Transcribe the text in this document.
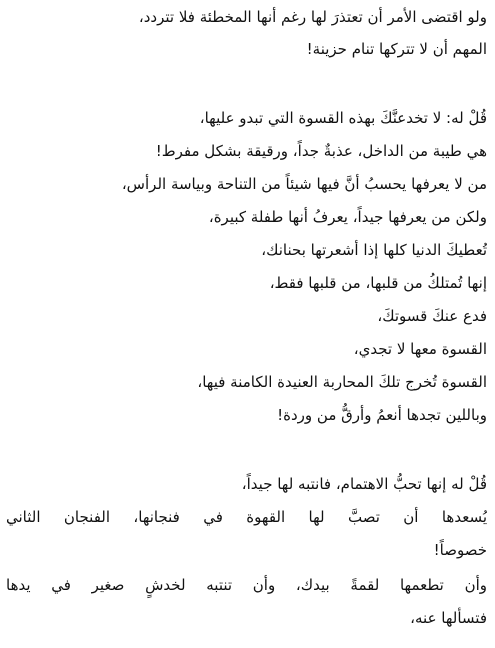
ولو اقتضى الأمر أن تعتذرَ لها رغم أنها المخطئة فلا تتردد،
المهم أن لا تتركها تنام حزينة!
قُلْ له: لا تخدعنَّكَ بهذه القسوة التي تبدو عليها،
هي طيبة من الداخل، عذبةٌ جداً، ورقيقة بشكل مفرط!
من لا يعرفها يحسبُ أنَّ فيها شيئاً من التناحة وبياسة الرأس،
ولكن من يعرفها جيداً، يعرفُ أنها طفلة كبيرة،
تُعطيكَ الدنيا كلها إذا أشعرتها بحنانك،
إنها تُمتلكُ من قلبها، من قلبها فقط،
فدع عنكَ قسوتكَ،
القسوة معها لا تجدي،
القسوة تُخرج تلكَ المحاربة العنيدة الكامنة فيها،
وباللين تجدها أنعمُ وأرقُّ من وردة!
قُلْ له إنها تحبُّ الاهتمام، فانتبه لها جيداً،
يُسعدها أن تصبَّ لها القهوة في فنجانها، الفنجان الثاني
خصوصاً!
وأن تطعمها لقمةً بيدك، وأن تنتبه لخدشٍ صغير في يدها
فتسألها عنه،
